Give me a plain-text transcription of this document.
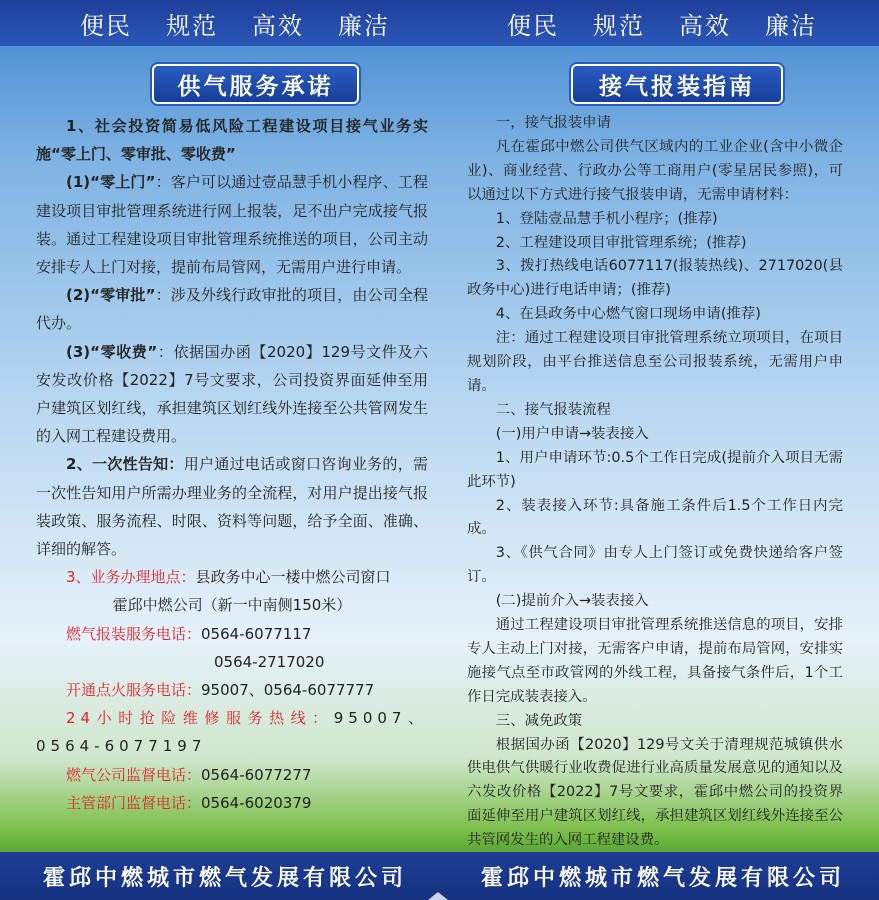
便民 规范 高效 廉洁	便民 规范 高效 廉洁
供气服务承诺	接气报装指南

1、社会投资简易低风险工程建设项目接气业务实施“零上门、零审批、零收费”

(1)“零上门”：客户可以通过壹品慧手机小程序、工程建设项目审批管理系统进行网上报装，足不出户完成接气报装。通过工程建设项目审批管理系统推送的项目，公司主动安排专人上门对接，提前布局管网，无需用户进行申请。

(2)“零审批”：涉及外线行政审批的项目，由公司全程代办。

(3)“零收费”：依据国办函【2020】129号文件及六安发改价格【2022】7号文要求，公司投资界面延伸至用户建筑区划红线，承担建筑区划红线外连接至公共管网发生的入网工程建设费用。

2、一次性告知：用户通过电话或窗口咨询业务的，需一次性告知用户所需办理业务的全流程，对用户提出接气报装政策、服务流程、时限、资料等问题，给予全面、准确、详细的解答。

3、业务办理地点：县政务中心一楼中燃公司窗口

霍邱中燃公司（新一中南侧150米）

燃气报装服务电话：0564-6077117

0564-2717020

开通点火服务电话：95007、0564-6077777

24小时抢险维修服务热线：95007、0564-6077197

燃气公司监督电话：0564-6077277

主管部门监督电话：0564-6020379

一，接气报装申请

凡在霍邱中燃公司供气区域内的工业企业(含中小微企业)、商业经营、行政办公等工商用户(零星居民参照)，可以通过以下方式进行接气报装申请，无需申请材料：

1、登陆壹品慧手机小程序；(推荐)

2、工程建设项目审批管理系统；(推荐)

3、拨打热线电话6077117(报装热线)、2717020(县政务中心)进行电话申请；(推荐)

4、在县政务中心燃气窗口现场申请(推荐)

注：通过工程建设项目审批管理系统立项项目，在项目规划阶段，由平台推送信息至公司报装系统，无需用户申请。

二、接气报装流程

(一)用户申请→装表接入

1、用户申请环节:0.5个工作日完成(提前介入项目无需此环节)

2、装表接入环节:具备施工条件后1.5个工作日内完成。

3、《供气合同》由专人上门签订或免费快递给客户签订。

(二)提前介入→装表接入

通过工程建设项目审批管理系统推送信息的项目，安排专人主动上门对接，无需客户申请，提前布局管网，安排实施接气点至市政管网的外线工程，具备接气条件后，1个工作日完成装表接入。

三、减免政策

根据国办函【2020】129号文关于清理规范城镇供水供电供气供暖行业收费促进行业高质量发展意见的通知以及六发改价格【2022】7号文要求，霍邱中燃公司的投资界面延伸至用户建筑区划红线，承担建筑区划红线外连接至公共管网发生的入网工程建设费。

霍邱中燃城市燃气发展有限公司	霍邱中燃城市燃气发展有限公司
